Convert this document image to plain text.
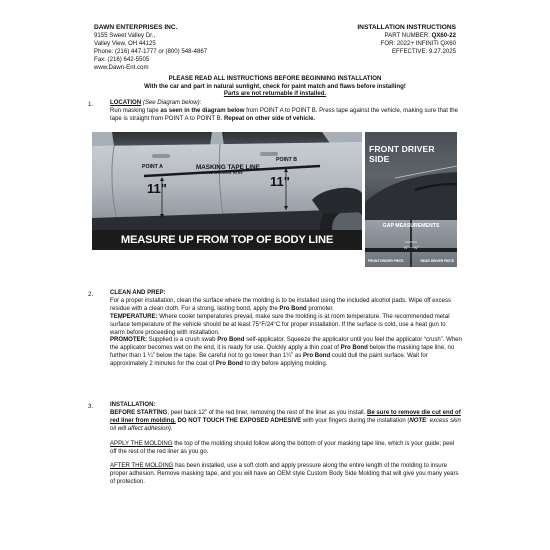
DAWN ENTERPRISES INC.
9155 Sweet Valley Dr.,
Valley View, OH 44125
Phone: (216) 447-1777 or (800) 548-4867
Fax: (216) 642-5505
www.Dawn-Ent.com
INSTALLATION INSTRUCTIONS
PART NUMBER: QX60-22
FOR: 2022+ INFINITI QX60
EFFECTIVE: 9.27.2025
PLEASE READ ALL INSTRUCTIONS BEFORE BEGINNING INSTALLATION
With the car and part in natural sunlight, check for paint match and flaws before installing!
Parts are not returnable if installed.
1.	LOCATION (See Diagram below):

Run masking tape as seen in the diagram below from POINT A to POINT B. Press tape against the vehicle, making sure that the tape is straight from POINT A to POINT B. Repeat on other side of vehicle.

POINT A
POINT B
MASKING TAPE LINE
PLACE MOLDING HERE
11"	11"
MEASURE UP FROM TOP OF BODY LINE
FRONT DRIVER SIDE
GAP MEASUREMENTS
⅛" – ¼"
FRONT DRIVER PIECE	REAR DRIVER PIECE
2.	CLEAN AND PREP:

For a proper installation, clean the surface where the molding is to be installed using the included alcohol pads. Wipe off excess residue with a clean cloth. For a strong, lasting bond, apply the Pro Bond promoter.

TEMPERATURE: Where cooler temperatures prevail, make sure the molding is at room temperature. The recommended metal surface temperature of the vehicle should be at least 75°F/24°C for proper installation. If the surface is cold, use a heat gun to warm before proceeding with installation.

PROMOTER: Supplied is a crush swab Pro Bond self-applicator. Squeeze the applicator until you feel the applicator “crush”. When the applicator becomes wet on the end, it is ready for use. Quickly apply a thin coat of Pro Bond below the masking tape line, no further than 1 ¼” below the tape. Be careful not to go lower than 1¼” as Pro Bond could dull the paint surface. Wait for approximately 2 minutes for the coat of Pro Bond to dry before applying molding.

3.	INSTALLATION:

BEFORE STARTING, peel back 12” of the red liner, removing the rest of the liner as you install. Be sure to remove die cut end of red liner from molding. DO NOT TOUCH THE EXPOSED ADHESIVE with your fingers during the installation (NOTE: excess skin oil will affect adhesion).

APPLY THE MOLDING the top of the molding should follow along the bottom of your masking tape line, which is your guide; peel off the rest of the red liner as you go.

AFTER THE MOLDING has been installed, use a soft cloth and apply pressure along the entire length of the molding to insure proper adhesion. Remove masking tape, and you will have an OEM style Custom Body Side Molding that will give you many years of protection.
